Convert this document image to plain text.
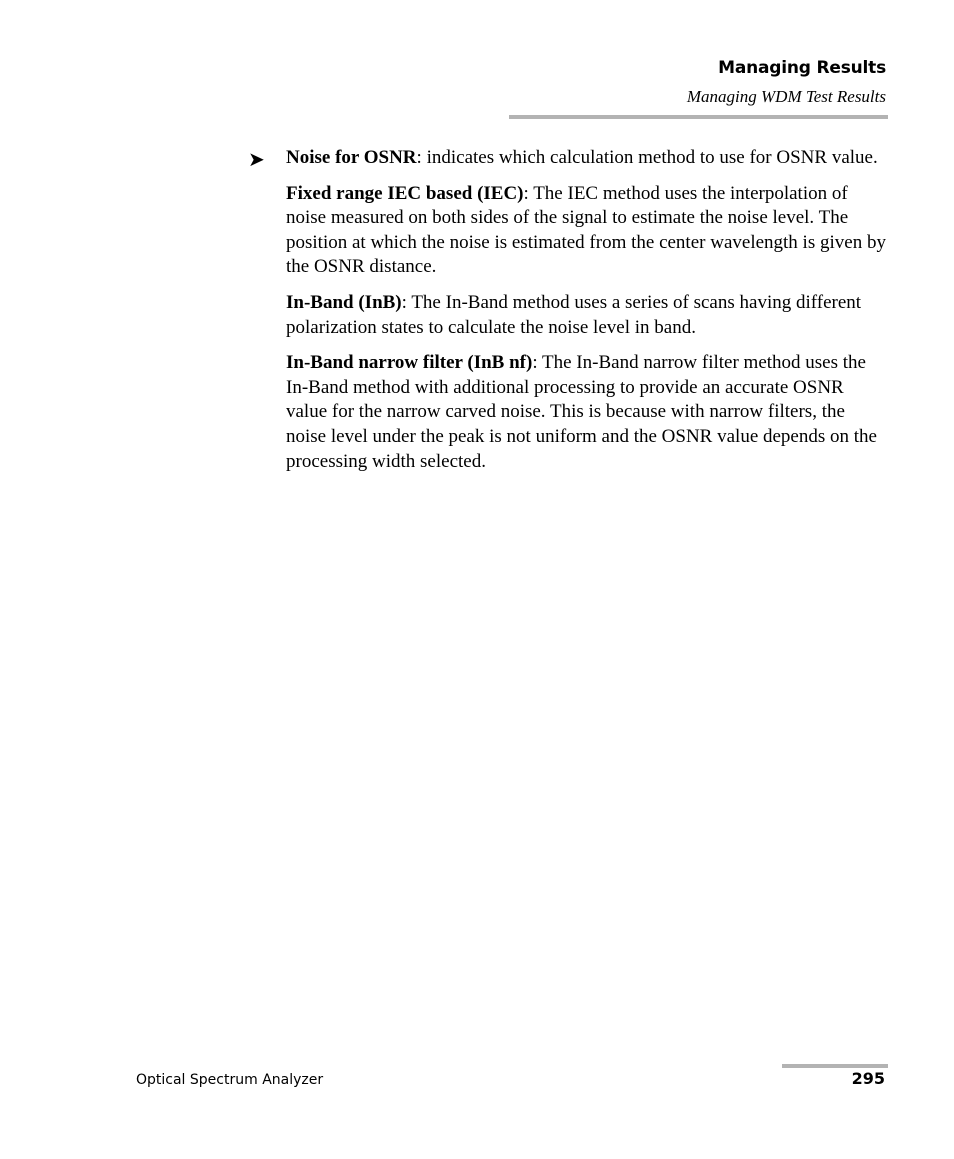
Managing Results
Managing WDM Test Results

➤ Noise for OSNR: indicates which calculation method to use for OSNR value.

Fixed range IEC based (IEC): The IEC method uses the interpolation of noise measured on both sides of the signal to estimate the noise level. The position at which the noise is estimated from the center wavelength is given by the OSNR distance.

In-Band (InB): The In-Band method uses a series of scans having different polarization states to calculate the noise level in band.

In-Band narrow filter (InB nf): The In-Band narrow filter method uses the In-Band method with additional processing to provide an accurate OSNR value for the narrow carved noise. This is because with narrow filters, the noise level under the peak is not uniform and the OSNR value depends on the processing width selected.

Optical Spectrum Analyzer	295
